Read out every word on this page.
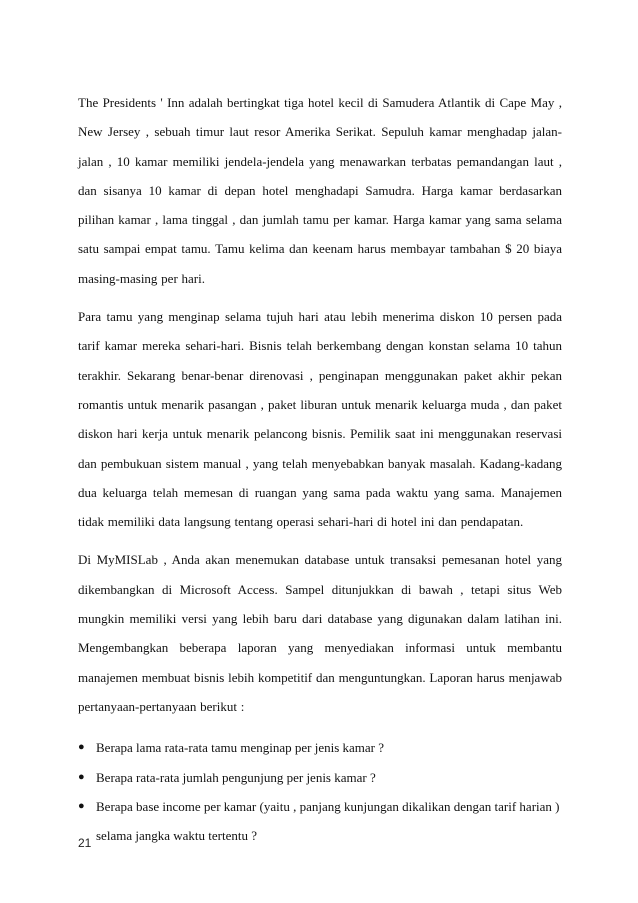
The Presidents ' Inn adalah bertingkat tiga hotel kecil di Samudera Atlantik di Cape May , New Jersey , sebuah timur laut resor Amerika Serikat. Sepuluh kamar menghadap jalan-jalan , 10 kamar memiliki jendela-jendela yang menawarkan terbatas pemandangan laut , dan sisanya 10 kamar di depan hotel menghadapi Samudra. Harga kamar berdasarkan pilihan kamar , lama tinggal , dan jumlah tamu per kamar. Harga kamar yang sama selama satu sampai empat tamu. Tamu kelima dan keenam harus membayar tambahan $ 20 biaya masing-masing per hari.

Para tamu yang menginap selama tujuh hari atau lebih menerima diskon 10 persen pada tarif kamar mereka sehari-hari. Bisnis telah berkembang dengan konstan selama 10 tahun terakhir. Sekarang benar-benar direnovasi , penginapan menggunakan paket akhir pekan romantis untuk menarik pasangan , paket liburan untuk menarik keluarga muda , dan paket diskon hari kerja untuk menarik pelancong bisnis. Pemilik saat ini menggunakan reservasi dan pembukuan sistem manual , yang telah menyebabkan banyak masalah. Kadang-kadang dua keluarga telah memesan di ruangan yang sama pada waktu yang sama. Manajemen tidak memiliki data langsung tentang operasi sehari-hari di hotel ini dan pendapatan.

Di MyMISLab , Anda akan menemukan database untuk transaksi pemesanan hotel yang dikembangkan di Microsoft Access. Sampel ditunjukkan di bawah , tetapi situs Web mungkin memiliki versi yang lebih baru dari database yang digunakan dalam latihan ini. Mengembangkan beberapa laporan yang menyediakan informasi untuk membantu manajemen membuat bisnis lebih kompetitif dan menguntungkan. Laporan harus menjawab pertanyaan-pertanyaan berikut :

● Berapa lama rata-rata tamu menginap per jenis kamar ?
● Berapa rata-rata jumlah pengunjung per jenis kamar ?
● Berapa base income per kamar (yaitu , panjang kunjungan dikalikan dengan tarif harian ) selama jangka waktu tertentu ?
21
